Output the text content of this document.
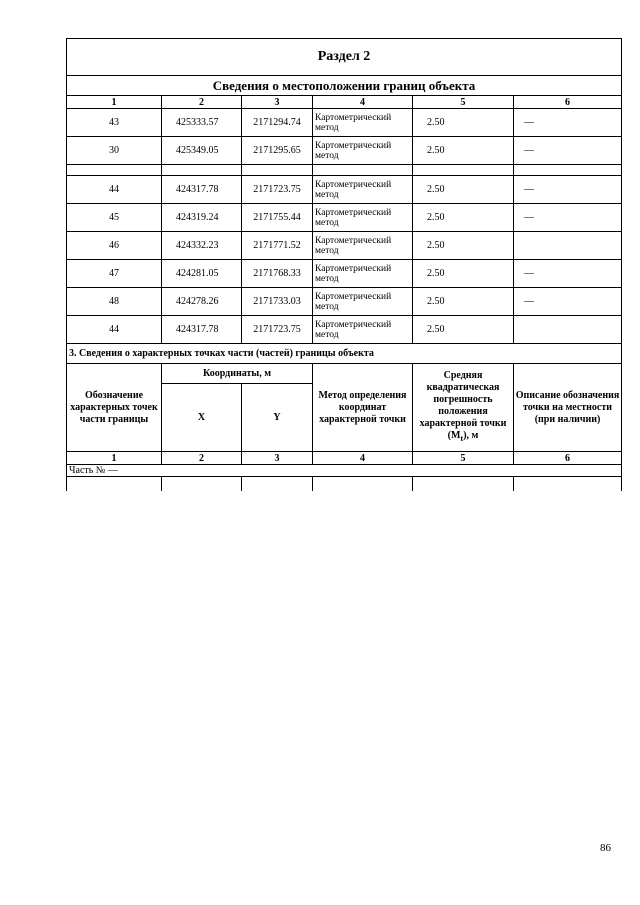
Раздел 2					
Сведения о местоположении границ объекта					
1	2	3	4	5	6
43	425333.57	2171294.74	Картометрический метод	2.50	—
30	425349.05	2171295.65	Картометрический метод	2.50	—

44	424317.78	2171723.75	Картометрический метод	2.50	—
45	424319.24	2171755.44	Картометрический метод	2.50	—
46	424332.23	2171771.52	Картометрический метод	2.50	
47	424281.05	2171768.33	Картометрический метод	2.50	—
48	424278.26	2171733.03	Картометрический метод	2.50	—
44	424317.78	2171723.75	Картометрический метод	2.50	
3. Сведения о характерных точках части (частей) границы объекта					
Обозначение характерных точек части границы	Координаты, м		Метод определения координат характерной точки	Средняя квадратическая погрешность положения характерной точки $(M_t)$, м	Описание обозначения точки на местности (при наличии)
	X	Y			
1	2	3	4	5	6
Часть № —					

86
